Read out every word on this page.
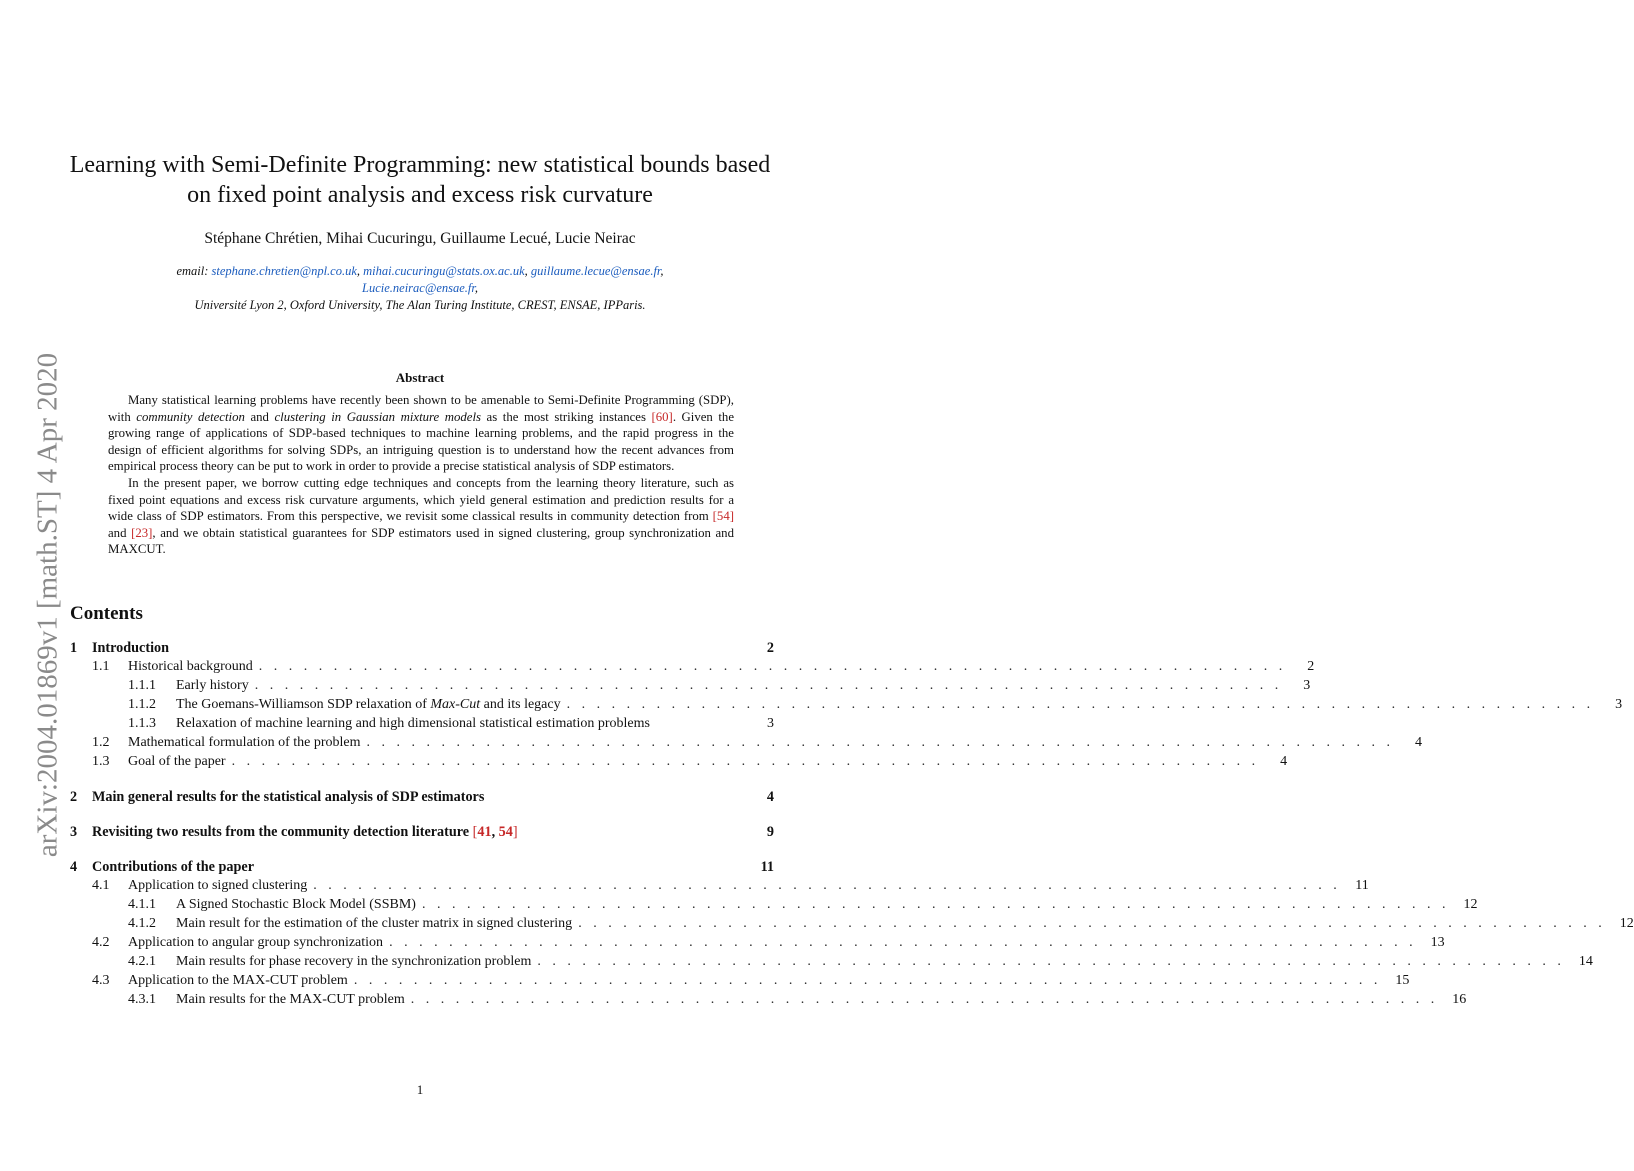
arXiv:2004.01869v1 [math.ST] 4 Apr 2020
Learning with Semi-Definite Programming: new statistical bounds based
on fixed point analysis and excess risk curvature
Stéphane Chrétien, Mihai Cucuringu, Guillaume Lecué, Lucie Neirac
email: stephane.chretien@npl.co.uk, mihai.cucuringu@stats.ox.ac.uk, guillaume.lecue@ensae.fr,
Lucie.neirac@ensae.fr,
Université Lyon 2, Oxford University, The Alan Turing Institute, CREST, ENSAE, IPParis.
Abstract

Many statistical learning problems have recently been shown to be amenable to Semi-Definite Programming (SDP), with community detection and clustering in Gaussian mixture models as the most striking instances [60]. Given the growing range of applications of SDP-based techniques to machine learning problems, and the rapid progress in the design of efficient algorithms for solving SDPs, an intriguing question is to understand how the recent advances from empirical process theory can be put to work in order to provide a precise statistical analysis of SDP estimators.

In the present paper, we borrow cutting edge techniques and concepts from the learning theory literature, such as fixed point equations and excess risk curvature arguments, which yield general estimation and prediction results for a wide class of SDP estimators. From this perspective, we revisit some classical results in community detection from [54] and [23], and we obtain statistical guarantees for SDP estimators used in signed clustering, group synchronization and MAXCUT.

Contents
1	Introduction	2
1.1	Historical background . . . . . . . . . . . . . . . . . . . . . . . . . . . . . . . . . . . . . . . . . . . . . . . . . . . . . . . . . . . . . . . . . . . . .	2
1.1.1	Early history . . . . . . . . . . . . . . . . . . . . . . . . . . . . . . . . . . . . . . . . . . . . . . . . . . . . . . . . . . . . . . . . . . . . .	3
1.1.2	The Goemans-Williamson SDP relaxation of Max-Cut and its legacy . . . . . . . . . . . . . . . . . . . . . . . . . . . . . . . . . . . . . . . . . . . . . . . . . . . . . . . . . . . . . . . . . . . . .	3
1.1.3	Relaxation of machine learning and high dimensional statistical estimation problems	3
1.2	Mathematical formulation of the problem . . . . . . . . . . . . . . . . . . . . . . . . . . . . . . . . . . . . . . . . . . . . . . . . . . . . . . . . . . . . . . . . . . . . .	4
1.3	Goal of the paper . . . . . . . . . . . . . . . . . . . . . . . . . . . . . . . . . . . . . . . . . . . . . . . . . . . . . . . . . . . . . . . . . . . . .	4
2	Main general results for the statistical analysis of SDP estimators	4
3	Revisiting two results from the community detection literature [41, 54]	9
4	Contributions of the paper	11
4.1	Application to signed clustering . . . . . . . . . . . . . . . . . . . . . . . . . . . . . . . . . . . . . . . . . . . . . . . . . . . . . . . . . . . . . . . . . . . . .	11
4.1.1	A Signed Stochastic Block Model (SSBM) . . . . . . . . . . . . . . . . . . . . . . . . . . . . . . . . . . . . . . . . . . . . . . . . . . . . . . . . . . . . . . . . . . . . .	12
4.1.2	Main result for the estimation of the cluster matrix in signed clustering . . . . . . . . . . . . . . . . . . . . . . . . . . . . . . . . . . . . . . . . . . . . . . . . . . . . . . . . . . . . . . . . . . . . .	12
4.2	Application to angular group synchronization . . . . . . . . . . . . . . . . . . . . . . . . . . . . . . . . . . . . . . . . . . . . . . . . . . . . . . . . . . . . . . . . . . . . .	13
4.2.1	Main results for phase recovery in the synchronization problem . . . . . . . . . . . . . . . . . . . . . . . . . . . . . . . . . . . . . . . . . . . . . . . . . . . . . . . . . . . . . . . . . . . . .	14
4.3	Application to the MAX-CUT problem . . . . . . . . . . . . . . . . . . . . . . . . . . . . . . . . . . . . . . . . . . . . . . . . . . . . . . . . . . . . . . . . . . . . .	15
4.3.1	Main results for the MAX-CUT problem . . . . . . . . . . . . . . . . . . . . . . . . . . . . . . . . . . . . . . . . . . . . . . . . . . . . . . . . . . . . . . . . . . . . .	16
1
